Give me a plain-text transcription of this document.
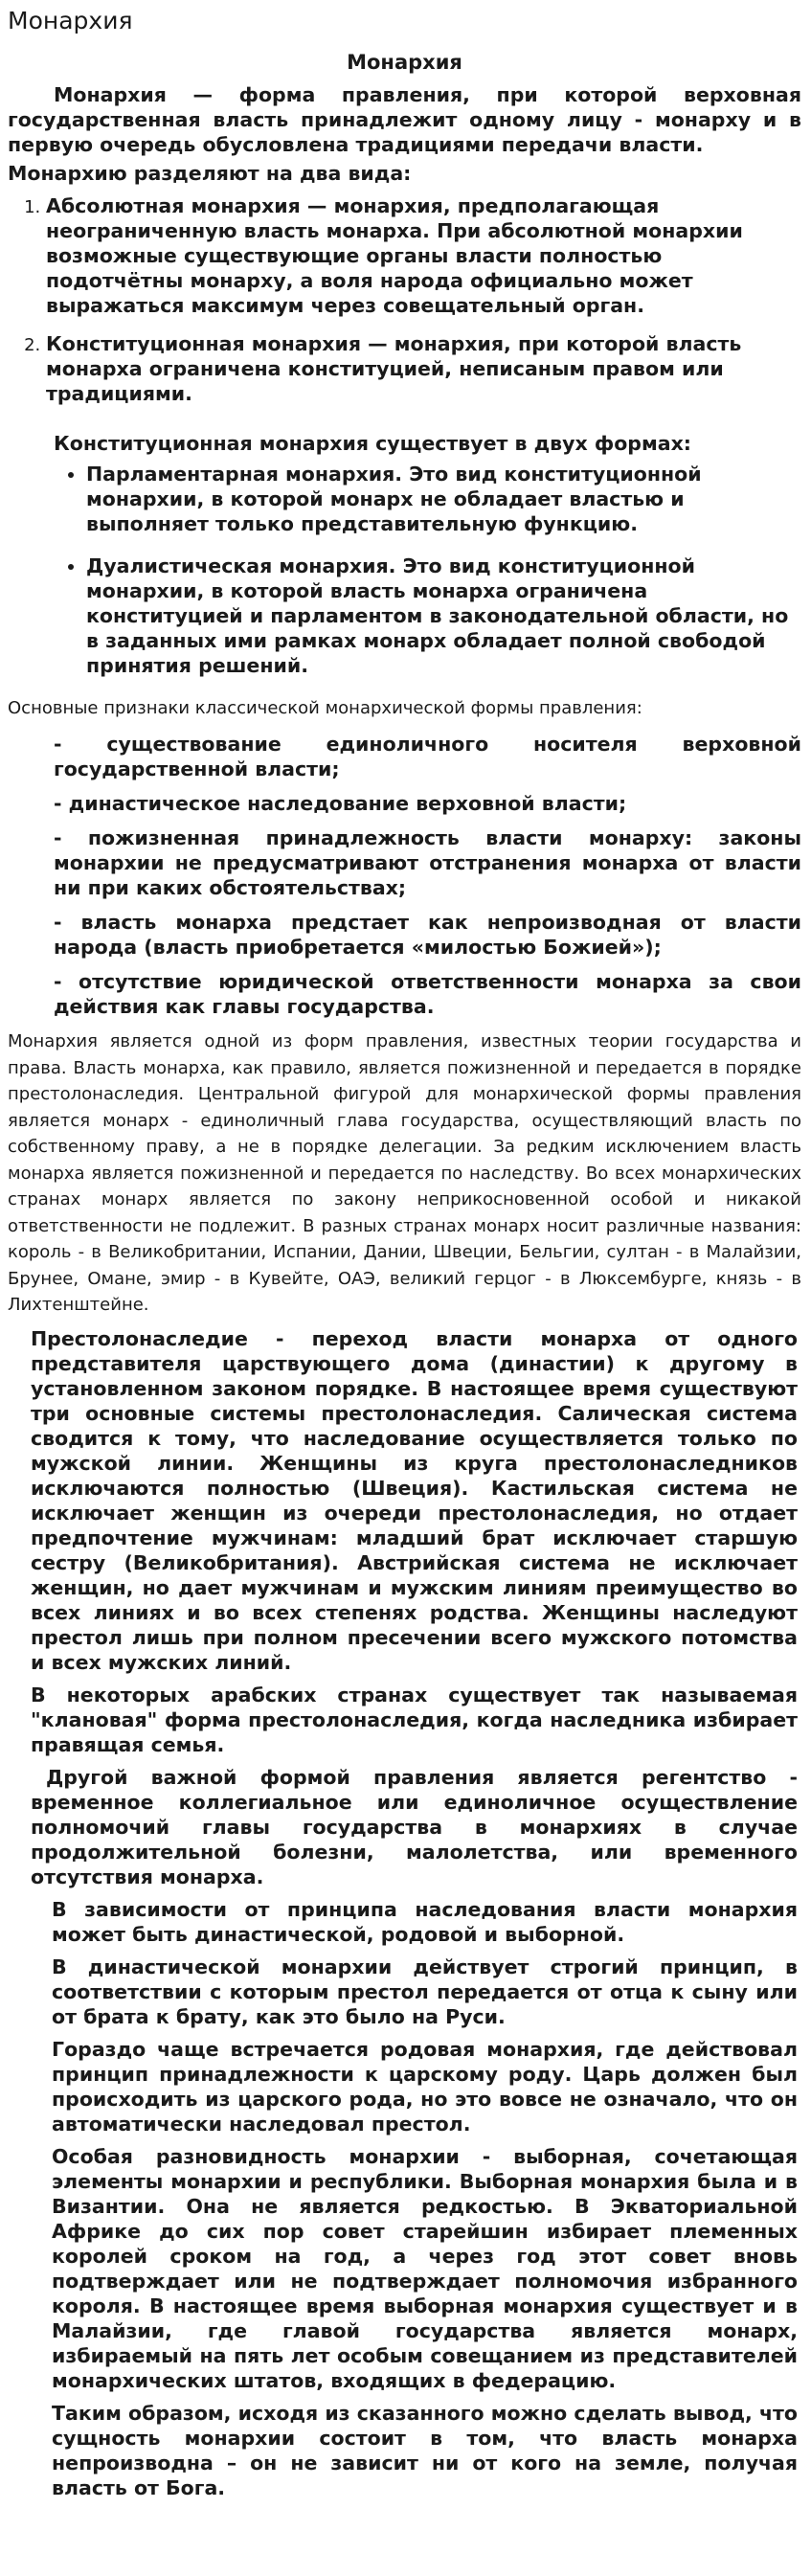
Монархия
Монархия

Монархия — форма правления, при которой верховная государственная власть принадлежит одному лицу - монарху и в первую очередь обусловлена традициями передачи власти.

Монархию разделяют на два вида:

1. Абсолютная монархия — монархия, предполагающая неограниченную власть монарха. При абсолютной монархии возможные существующие органы власти полностью подотчётны монарху, а воля народа официально может выражаться максимум через совещательный орган.
2. Конституционная монархия — монархия, при которой власть монарха ограничена конституцией, неписаным правом или традициями.

Конституционная монархия существует в двух формах:

• Парламентарная монархия. Это вид конституционной монархии, в которой монарх не обладает властью и выполняет только представительную функцию.
• Дуалистическая монархия. Это вид конституционной монархии, в которой власть монарха ограничена конституцией и парламентом в законодательной области, но в заданных ими рамках монарх обладает полной свободой принятия решений.

Основные признаки классической монархической формы правления:

- существование единоличного носителя верховной государственной власти;

- династическое наследование верховной власти;

- пожизненная принадлежность власти монарху: законы монархии не предусматривают отстранения монарха от власти ни при каких обстоятельствах;

- власть монарха предстает как непроизводная от власти народа (власть приобретается «милостью Божией»);

- отсутствие юридической ответственности монарха за свои действия как главы государства.

Монархия является одной из форм правления, известных теории государства и права. Власть монарха, как правило, является пожизненной и передается в порядке престолонаследия. Центральной фигурой для монархической формы правления является монарх - единоличный глава государства, осуществляющий власть по собственному праву, а не в порядке делегации. За редким исключением власть монарха является пожизненной и передается по наследству. Во всех монархических странах монарх является по закону неприкосновенной особой и никакой ответственности не подлежит. В разных странах монарх носит различные названия: король - в Великобритании, Испании, Дании, Швеции, Бельгии, султан - в Малайзии, Брунее, Омане, эмир - в Кувейте, ОАЭ, великий герцог - в Люксембурге, князь - в Лихтенштейне.

Престолонаследие - переход власти монарха от одного представителя царствующего дома (династии) к другому в установленном законом порядке. В настоящее время существуют три основные системы престолонаследия. Салическая система сводится к тому, что наследование осуществляется только по мужской линии. Женщины из круга престолонаследников исключаются полностью (Швеция). Кастильская система не исключает женщин из очереди престолонаследия, но отдает предпочтение мужчинам: младший брат исключает старшую сестру (Великобритания). Австрийская система не исключает женщин, но дает мужчинам и мужским линиям преимущество во всех линиях и во всех степенях родства. Женщины наследуют престол лишь при полном пресечении всего мужского потомства и всех мужских линий.

В некоторых арабских странах существует так называемая "клановая" форма престолонаследия, когда наследника избирает правящая семья.

Другой важной формой правления является регентство - временное коллегиальное или единоличное осуществление полномочий главы государства в монархиях в случае продолжительной болезни, малолетства, или временного отсутствия монарха.

В зависимости от принципа наследования власти монархия может быть династической, родовой и выборной.

В династической монархии действует строгий принцип, в соответствии с которым престол передается от отца к сыну или от брата к брату, как это было на Руси.

Гораздо чаще встречается родовая монархия, где действовал принцип принадлежности к царскому роду. Царь должен был происходить из царского рода, но это вовсе не означало, что он автоматически наследовал престол.

Особая разновидность монархии - выборная, сочетающая элементы монархии и республики. Выборная монархия была и в Византии. Она не является редкостью. В Экваториальной Африке до сих пор совет старейшин избирает племенных королей сроком на год, а через год этот совет вновь подтверждает или не подтверждает полномочия избранного короля. В настоящее время выборная монархия существует и в Малайзии, где главой государства является монарх, избираемый на пять лет особым совещанием из представителей монархических штатов, входящих в федерацию.

Таким образом, исходя из сказанного можно сделать вывод, что сущность монархии состоит в том, что власть монарха непроизводна – он не зависит ни от кого на земле, получая власть от Бога.
